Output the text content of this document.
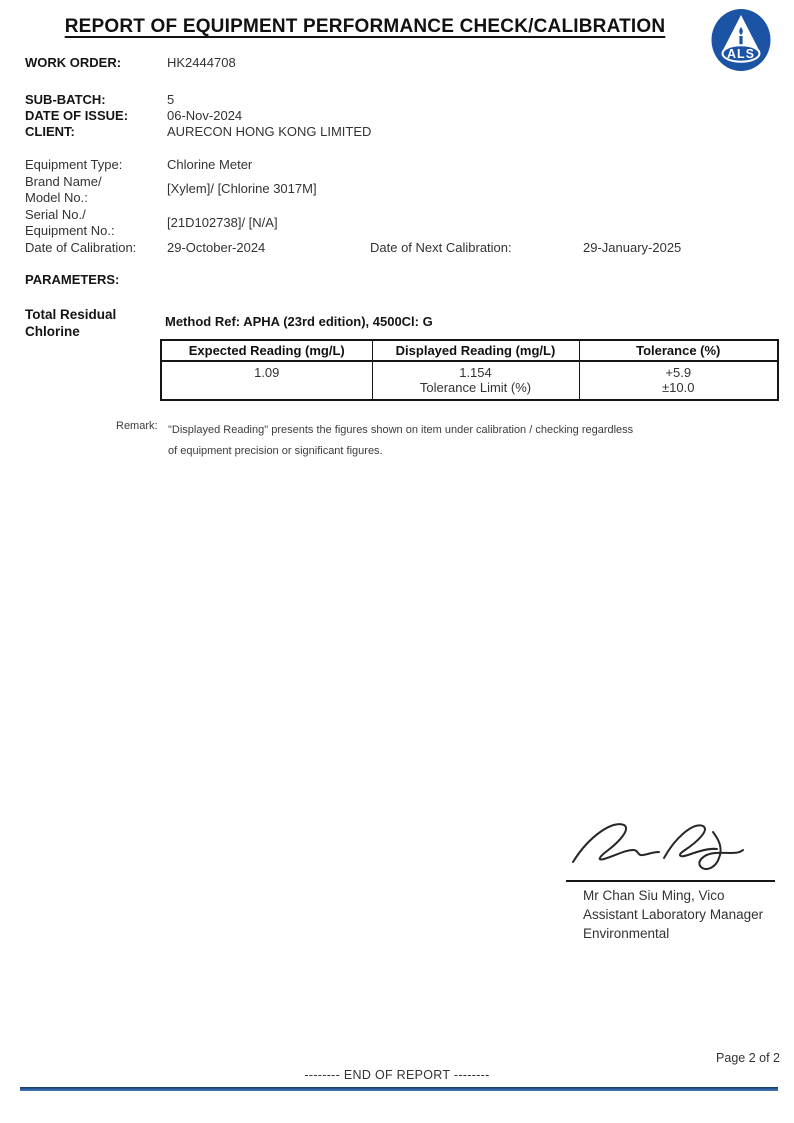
REPORT OF EQUIPMENT PERFORMANCE CHECK/CALIBRATION
ALS
WORK ORDER:	HK2444708
SUB-BATCH:	5
DATE OF ISSUE:	06-Nov-2024
CLIENT:	AURECON HONG KONG LIMITED
Equipment Type:	Chlorine Meter
Brand Name/
Model No.:
[Xylem]/ [Chlorine 3017M]
Serial No./
Equipment No.:
[21D102738]/ [N/A]
Date of Calibration: 29-October-2024	Date of Next Calibration:	29-January-2025
PARAMETERS:
Total Residual
Chlorine
Method Ref: APHA (23rd edition), 4500Cl: G
Expected Reading (mg/L)	Displayed Reading (mg/L)	Tolerance (%)
1.09	1.154	+5.9
	Tolerance Limit (%)	±10.0
Remark: "Displayed Reading" presents the figures shown on item under calibration / checking regardless
of equipment precision or significant figures.
Mr Chan Siu Ming, Vico
Assistant Laboratory Manager
Environmental
Page 2 of 2
-------- END OF REPORT --------
